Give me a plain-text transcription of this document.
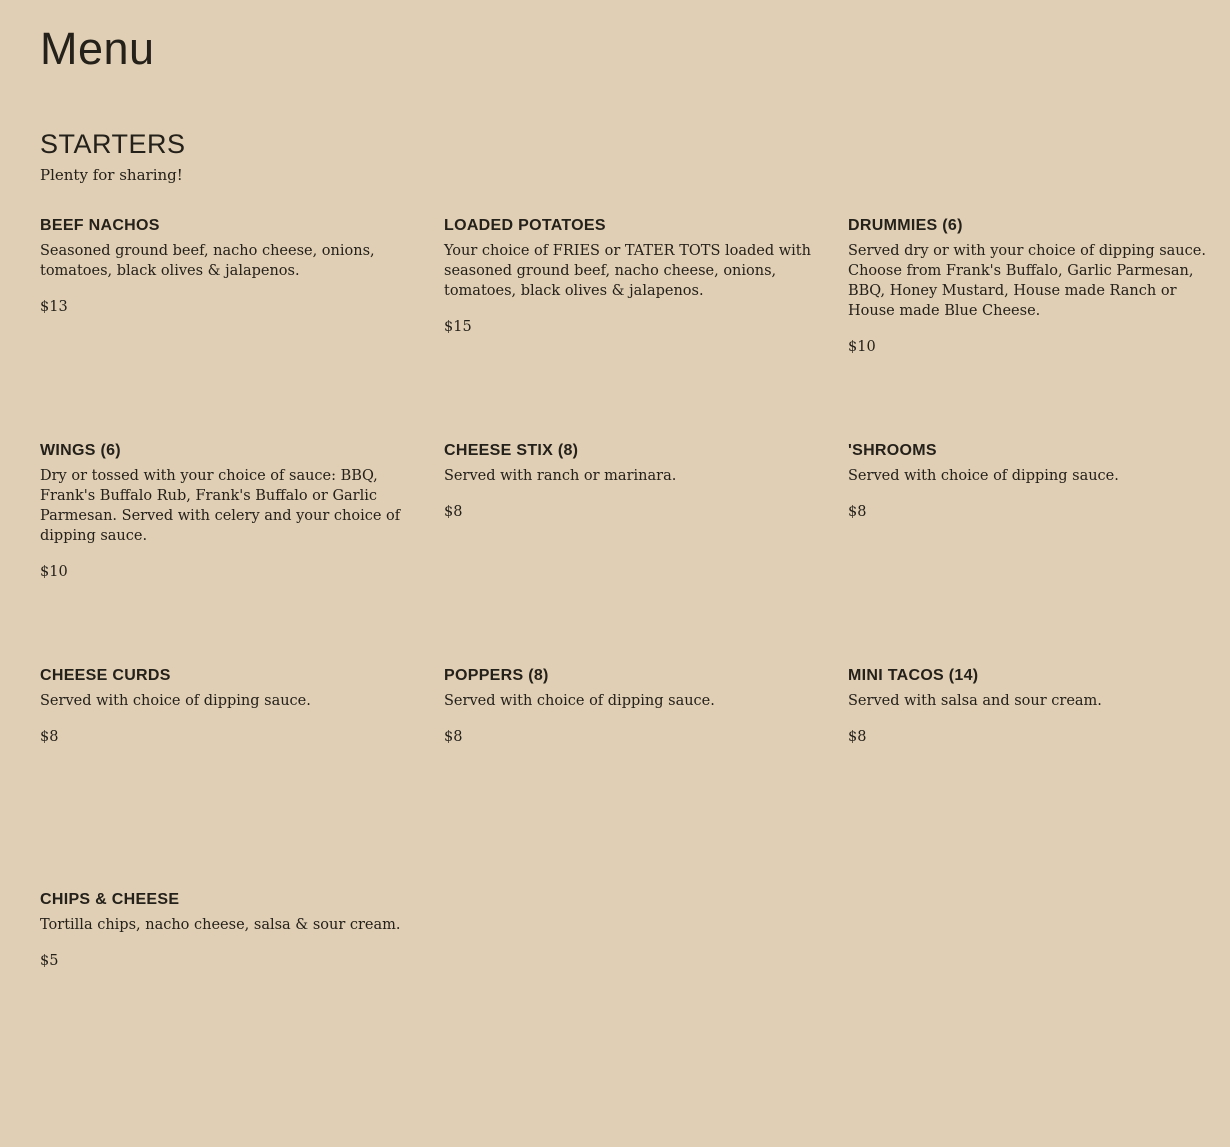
Menu
STARTERS

Plenty for sharing!

BEEF NACHOS

Seasoned ground beef, nacho cheese, onions, tomatoes, black olives & jalapenos.

$13

LOADED POTATOES

Your choice of FRIES or TATER TOTS loaded with seasoned ground beef, nacho cheese, onions, tomatoes, black olives & jalapenos.

$15

DRUMMIES (6)

Served dry or with your choice of dipping sauce. Choose from Frank's Buffalo, Garlic Parmesan, BBQ, Honey Mustard, House made Ranch or House made Blue Cheese.

$10

WINGS (6)

Dry or tossed with your choice of sauce: BBQ, Frank's Buffalo Rub, Frank's Buffalo or Garlic Parmesan. Served with celery and your choice of dipping sauce.

$10

CHEESE STIX (8)

Served with ranch or marinara.

$8

'SHROOMS

Served with choice of dipping sauce.

$8

CHEESE CURDS

Served with choice of dipping sauce.

$8

POPPERS (8)

Served with choice of dipping sauce.

$8

MINI TACOS (14)

Served with salsa and sour cream.

$8

CHIPS & CHEESE

Tortilla chips, nacho cheese, salsa & sour cream.

$5
